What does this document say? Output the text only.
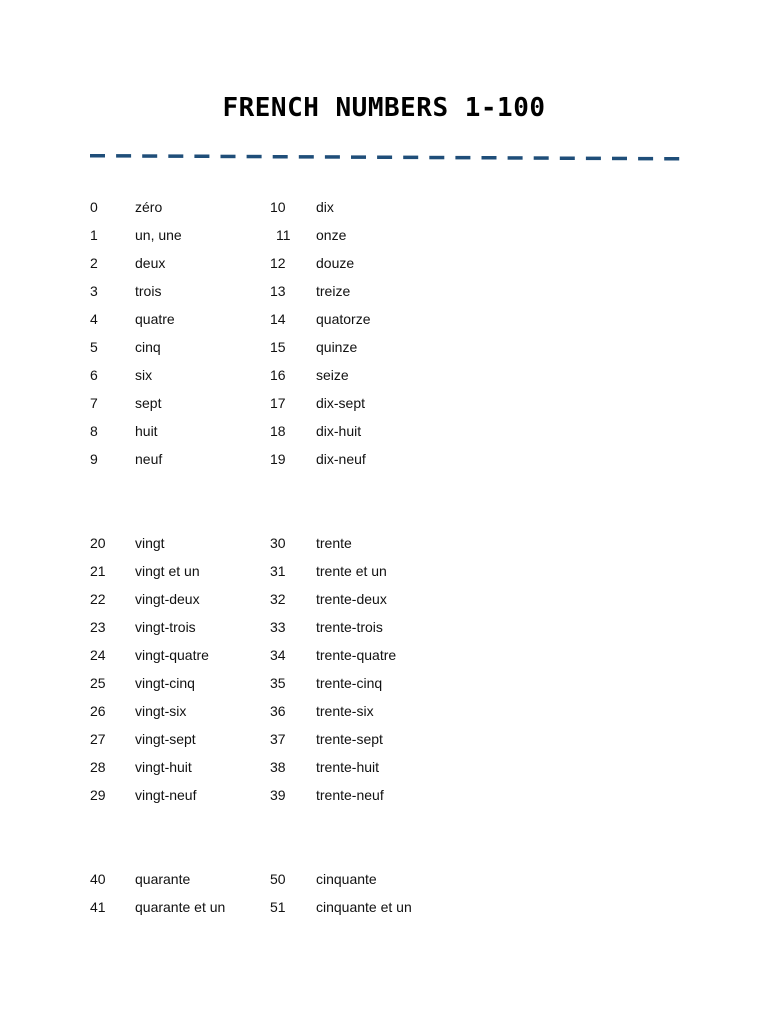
FRENCH NUMBERS 1-100
0	zéro	10 dix
1	un, une	11 onze
2	deux	12 douze
3	trois	13 treize
4	quatre	14 quatorze
5	cinq	15 quinze
6	six	16 seize
7	sept	17 dix-sept
8	huit	18 dix-huit
9	neuf	19 dix-neuf
20 vingt	30 trente
21 vingt et un	31 trente et un
22 vingt-deux	32 trente-deux
23 vingt-trois	33 trente-trois
24 vingt-quatre	34 trente-quatre
25 vingt-cinq	35 trente-cinq
26 vingt-six	36 trente-six
27 vingt-sept	37 trente-sept
28 vingt-huit	38 trente-huit
29 vingt-neuf	39 trente-neuf
40 quarante	50 cinquante
41 quarante et un	51 cinquante et un
